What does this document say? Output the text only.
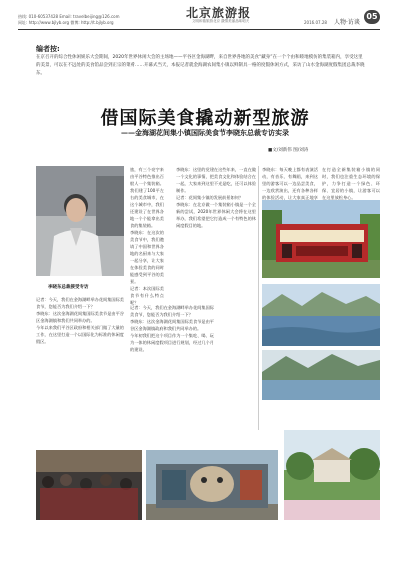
热线: 010-60537428 Email: travelbeijing@126.com
网址: http://www.bjlyb.org 微博: http://t.bjlyb.org
北京旅游报
文明和谐旅游北京 激情美丽品味明天	2016.07.28 人物·访谈
05
编者按:
在京召开的综合性休闲娱乐大会期间，2020年世界休闲大会的主场地——平谷区金海湖畔，来自世界各地的美食“藏身”在一个个由和睦地模仿的集装箱内，享受这里的美景，可以在不远处的美食馆品尝到正宗的菜肴……开幕式当天，本报记者就金海湖农间集小镇以鲜制具一格的度假休闲方式，采访了山水金海湖度假集团总裁李晓东。
借国际美食撬动新型旅游
——金海湖花间集小镇国际美食节李晓东总裁专访实录
■文/刘新伟 图/刘涛
李晓东总裁接受专访
记者：今天，我们在金海湖畔举办花间集国际美食节，您能否为我们介绍一下？
李晓东：这次金海湖花间集国际美食节是由平谷区金海湖镇和我们共同举办的。
今年以来我们平谷区政府和相关部门做了大量的工作，在这里打造一个以国际化为标准的休闲度假区。
旅，有三个亮字来由平谷特色推出百般人一个集装箱。我们建了100平左右的美食城市，在这个城市中，我们还建设了在世界各地一个个能拿出美食的集装箱。
李晓东：在这次的美食节中，我们邀请了中国和世界各地的名厨来与大家一起分享，让大家在体验美食的同时能感受到平谷的美景。
记者：本次国际美食节有什么特点呢？
记者：今天，我们在金海湖畔举办花间集国际美食节，您能否为我们介绍一下？
李晓东：这次金海湖花间集国际美食节是由平谷区金海湖镇政府和我们共同举办的。
今年初我们把这个项目作为一个集吃、喝、玩为一体的休闲度假项目进行规划，经过几个月的建设。
李晓东：这里的党建在这些年来，一直在做一个文化的事情，把美食文化和体验结合在一起，大家来到这里不光是吃，还可以体验制作。
记者：花间集小镇的发展前景如何？
李晓东：在北京做一个集装箱小镇是一个全新的尝试，2020年世界休闲大会将在这里举办，我们希望把它打造成一个有特色的休闲度假目的地。
李晓东：每天晚上都有表演活动，有音乐、有舞蹈，来到这里的游客可以一边品尝美食，一边欣赏演出，还有各种各样的体验活动，让大家真正地享
在打造全新集装箱小镇的同时，我们也注重生态环境的保护，力争打造一个绿色、环保、宜居的小镇，让游客可以在这里放松身心。
